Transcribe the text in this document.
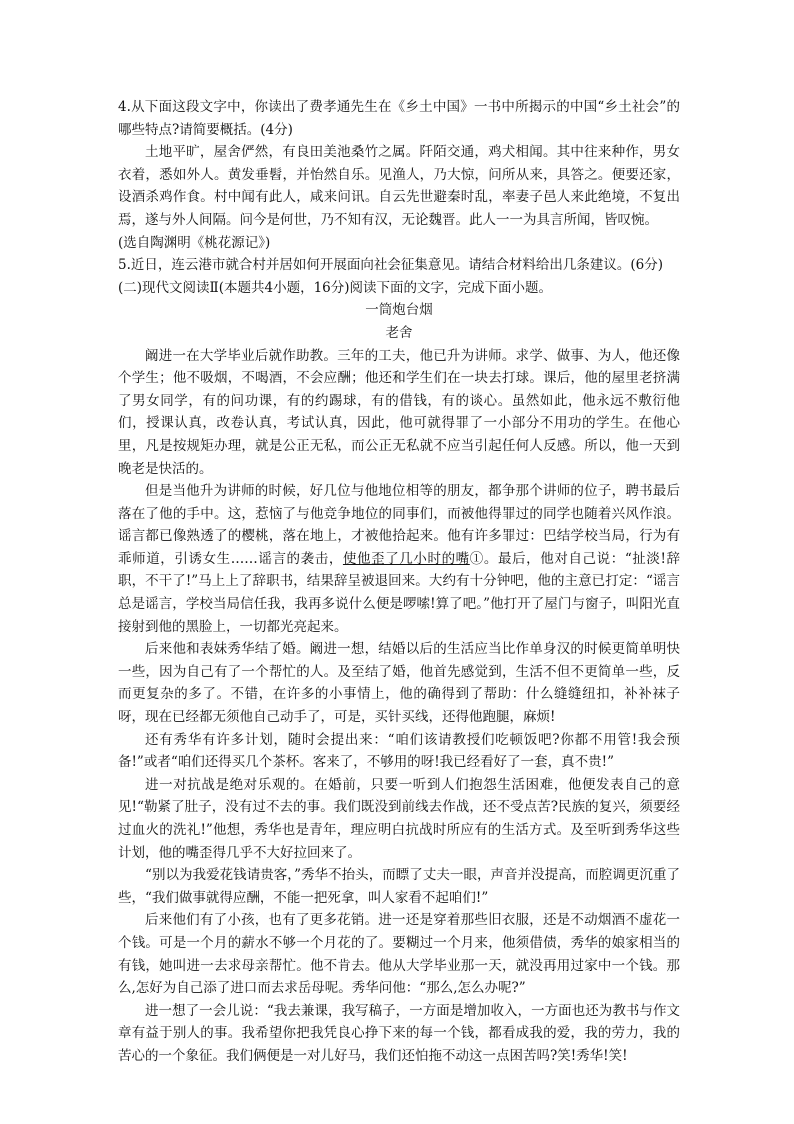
4.从下面这段文字中，你读出了费孝通先生在《乡土中国》一书中所揭示的中国“乡土社会”的哪些特点?请简要概括。(4分)

土地平旷，屋舍俨然，有良田美池桑竹之属。阡陌交通，鸡犬相闻。其中往来种作，男女衣着，悉如外人。黄发垂髫，并怡然自乐。见渔人，乃大惊，问所从来，具答之。便要还家，设酒杀鸡作食。村中闻有此人，咸来问讯。自云先世避秦时乱，率妻子邑人来此绝境，不复出焉，遂与外人间隔。问今是何世，乃不知有汉，无论魏晋。此人一一为具言所闻，皆叹惋。

(选自陶渊明《桃花源记》)

5.近日，连云港市就合村并居如何开展面向社会征集意见。请结合材料给出几条建议。(6分)

(二)现代文阅读Ⅱ(本题共4小题，16分)阅读下面的文字，完成下面小题。

一筒炮台烟

老舍

阚进一在大学毕业后就作助教。三年的工夫，他已升为讲师。求学、做事、为人，他还像个学生；他不吸烟，不喝酒，不会应酬；他还和学生们在一块去打球。课后，他的屋里老挤满了男女同学，有的问功课，有的约踢球，有的借钱，有的谈心。虽然如此，他永远不敷衍他们，授课认真，改卷认真，考试认真，因此，他可就得罪了一小部分不用功的学生。在他心里，凡是按规矩办理，就是公正无私，而公正无私就不应当引起任何人反感。所以，他一天到晚老是快活的。

但是当他升为讲师的时候，好几位与他地位相等的朋友，都争那个讲师的位子，聘书最后落在了他的手中。这，惹恼了与他竞争地位的同事们，而被他得罪过的同学也随着兴风作浪。谣言都已像熟透了的樱桃，落在地上，才被他拾起来。他有许多罪过：巴结学校当局，行为有乖师道，引诱女生……谣言的袭击，使他歪了几小时的嘴①。最后，他对自己说：“扯淡!辞职，不干了!”马上上了辞职书，结果辞呈被退回来。大约有十分钟吧，他的主意已打定：“谣言总是谣言，学校当局信任我，我再多说什么便是啰嗦!算了吧。”他打开了屋门与窗子，叫阳光直接射到他的黑脸上，一切都光亮起来。

后来他和表妹秀华结了婚。阚进一想，结婚以后的生活应当比作单身汉的时候更简单明快一些，因为自己有了一个帮忙的人。及至结了婚，他首先感觉到，生活不但不更简单一些，反而更复杂的多了。不错，在许多的小事情上，他的确得到了帮助：什么缝缝纽扣，补补袜子呀，现在已经都无须他自己动手了，可是，买针买线，还得他跑腿，麻烦!

还有秀华有许多计划，随时会提出来：“咱们该请教授们吃顿饭吧?你都不用管!我会预备!”或者“咱们还得买几个茶杯。客来了，不够用的呀!我已经看好了一套，真不贵!”

进一对抗战是绝对乐观的。在婚前，只要一听到人们抱怨生活困难，他便发表自己的意见!“勒紧了肚子，没有过不去的事。我们既没到前线去作战，还不受点苦?民族的复兴，须要经过血火的洗礼!”他想，秀华也是青年，理应明白抗战时所应有的生活方式。及至听到秀华这些计划，他的嘴歪得几乎不大好拉回来了。

“别以为我爱花钱请贵客，”秀华不抬头，而瞟了丈夫一眼，声音并没提高，而腔调更沉重了些，“我们做事就得应酬，不能一把死拿，叫人家看不起咱们!”

后来他们有了小孩，也有了更多花销。进一还是穿着那些旧衣服，还是不动烟酒不虚花一个钱。可是一个月的薪水不够一个月花的了。要糊过一个月来，他须借债，秀华的娘家相当的有钱，她叫进一去求母亲帮忙。他不肯去。他从大学毕业那一天，就没再用过家中一个钱。那么,怎好为自己添了进口而去求岳母呢。秀华问他：“那么,怎么办呢?”

进一想了一会儿说：“我去兼课，我写稿子，一方面是增加收入，一方面也还为教书与作文章有益于别人的事。我希望你把我凭良心挣下来的每一个钱，都看成我的爱，我的劳力，我的苦心的一个象征。我们俩便是一对儿好马，我们还怕拖不动这一点困苦吗?笑!秀华!笑!
